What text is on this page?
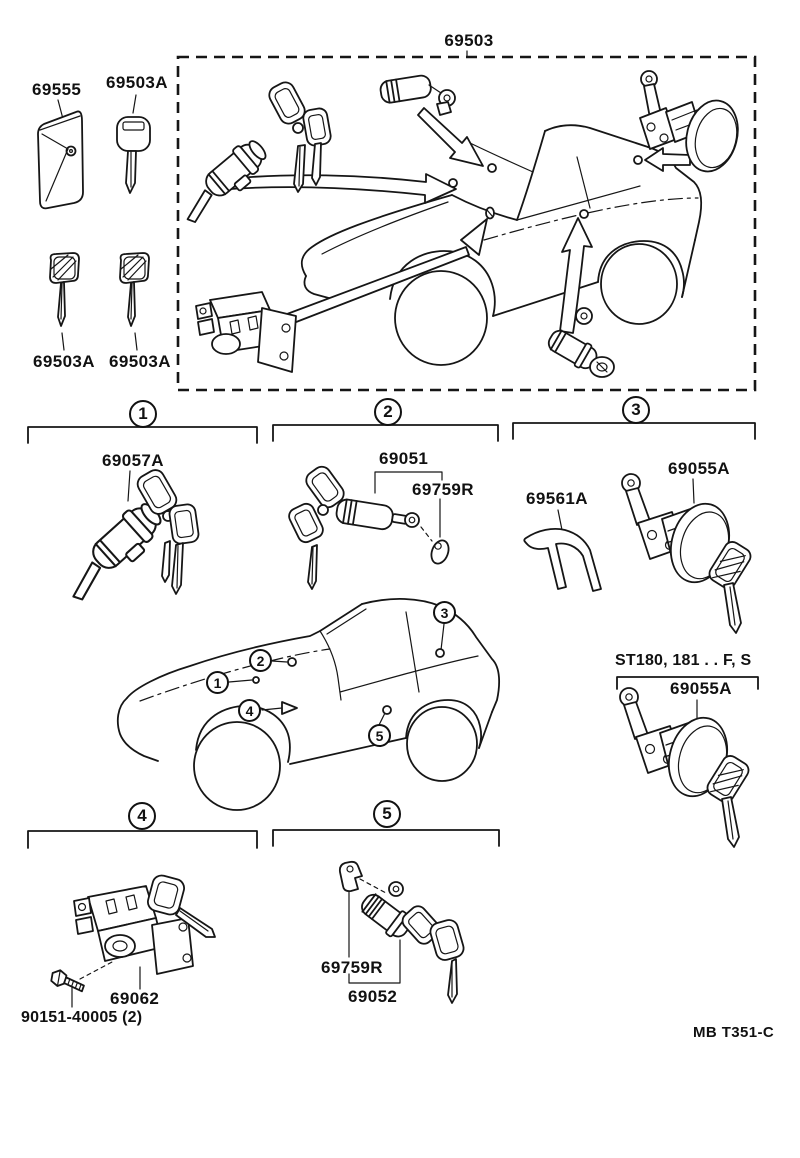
69503
69555 69503A
69503A 69503A
69057A	69051
69759R	69561A
69055A
ST180, 181 . . F, S
69055A
69062
90151-40005 (2)
69759R
69052
MB T351-C
1	2	3
4	5
1
2
3
4
5
